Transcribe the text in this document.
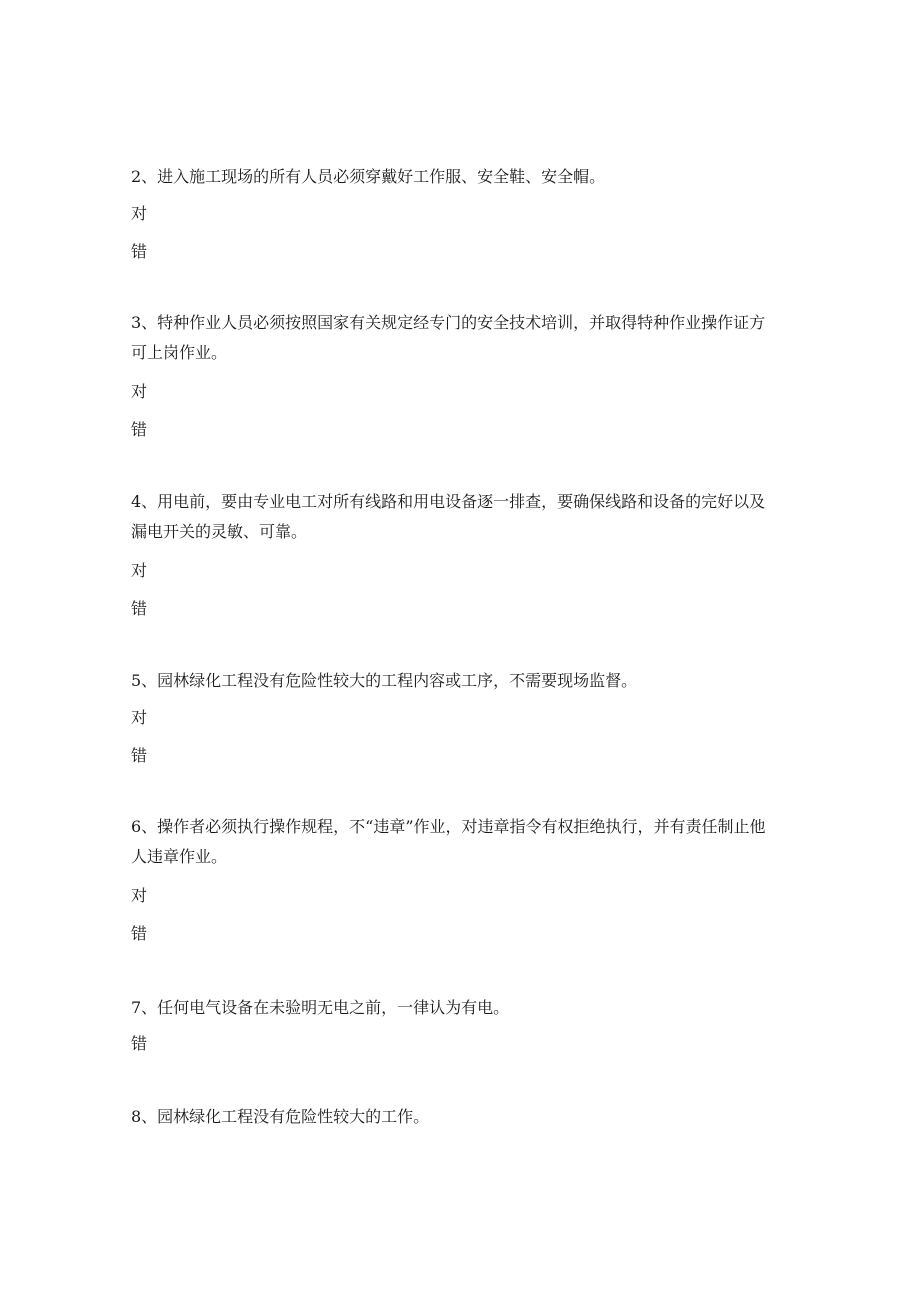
2、进入施工现场的所有人员必须穿戴好工作服、安全鞋、安全帽。

对

错

3、特种作业人员必须按照国家有关规定经专门的安全技术培训，并取得特种作业操作证方可上岗作业。

对

错

4、用电前，要由专业电工对所有线路和用电设备逐一排查，要确保线路和设备的完好以及漏电开关的灵敏、可靠。

对

错

5、园林绿化工程没有危险性较大的工程内容或工序，不需要现场监督。

对

错

6、操作者必须执行操作规程，不“违章”作业，对违章指令有权拒绝执行，并有责任制止他人违章作业。

对

错

7、任何电气设备在未验明无电之前，一律认为有电。

错

8、园林绿化工程没有危险性较大的工作。
